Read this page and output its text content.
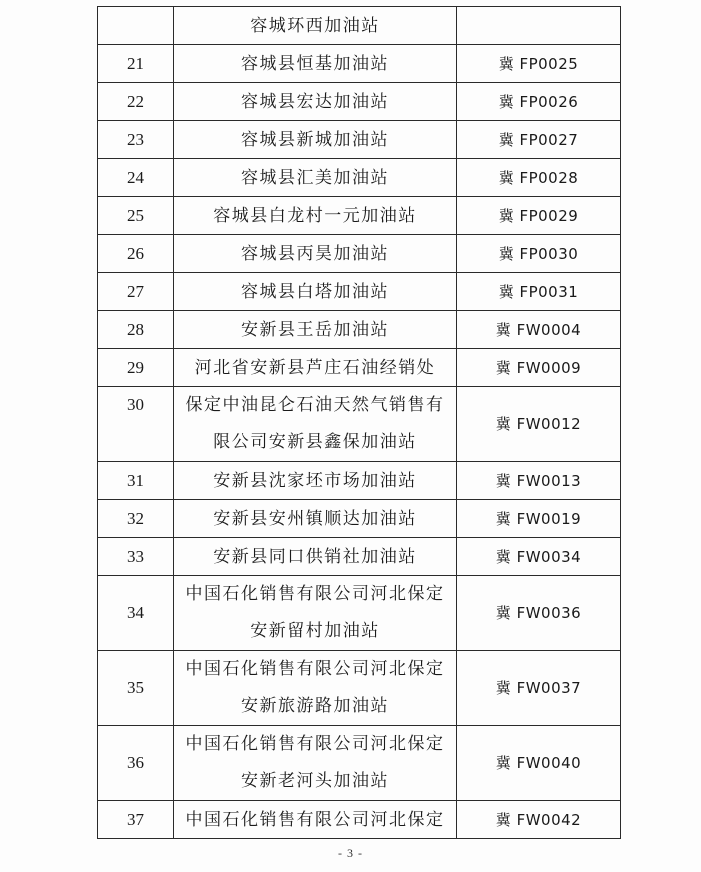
	容城环西加油站	

21	容城县恒基加油站	冀 FP0025
22	容城县宏达加油站	冀 FP0026
23	容城县新城加油站	冀 FP0027
24	容城县汇美加油站	冀 FP0028
25	容城县白龙村一元加油站	冀 FP0029
26	容城县丙昊加油站	冀 FP0030
27	容城县白塔加油站	冀 FP0031
28	安新县王岳加油站	冀 FW0004
29	河北省安新县芦庄石油经销处	冀 FW0009
30	保定中油昆仑石油天然气销售有
限公司安新县鑫保加油站	冀 FW0012
31	安新县沈家坯市场加油站	冀 FW0013
32	安新县安州镇顺达加油站	冀 FW0019
33	安新县同口供销社加油站	冀 FW0034
34	中国石化销售有限公司河北保定
安新留村加油站	冀 FW0036
35	中国石化销售有限公司河北保定
安新旅游路加油站	冀 FW0037
36	中国石化销售有限公司河北保定
安新老河头加油站	冀 FW0040
37	中国石化销售有限公司河北保定	冀 FW0042
- 3 -
